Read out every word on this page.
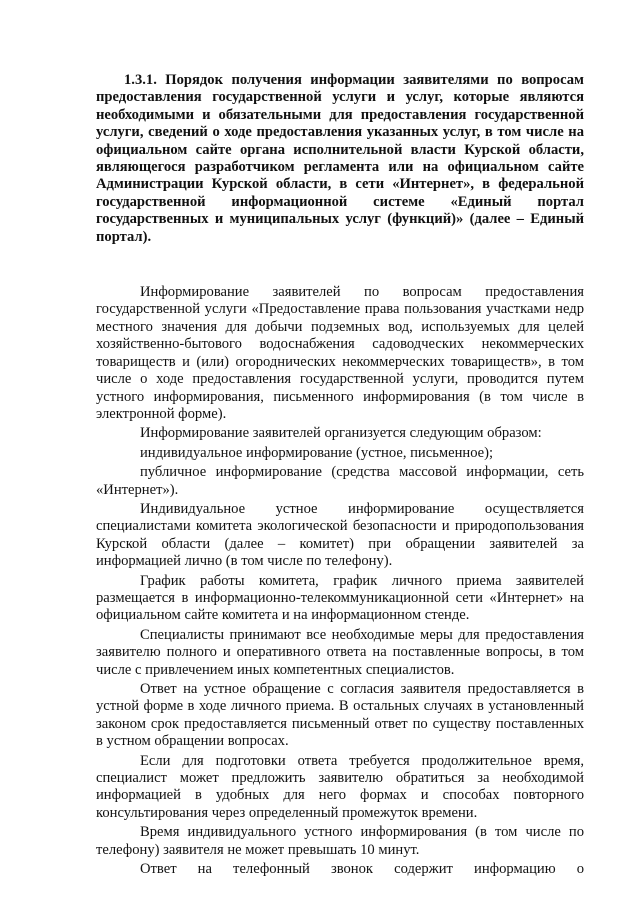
1.3.1. Порядок получения информации заявителями по вопросам предоставления государственной услуги и услуг, которые являются необходимыми и обязательными для предоставления государственной услуги, сведений о ходе предоставления указанных услуг, в том числе на официальном сайте органа исполнительной власти Курской области, являющегося разработчиком регламента или на официальном сайте Администрации Курской области, в сети «Интернет», в федеральной государственной информационной системе «Единый портал государственных и муниципальных услуг (функций)» (далее – Единый портал).

Информирование заявителей по вопросам предоставления государственной услуги «Предоставление права пользования участками недр местного значения для добычи подземных вод, используемых для целей хозяйственно-бытового водоснабжения садоводческих некоммерческих товариществ и (или) огороднических некоммерческих товариществ», в том числе о ходе предоставления государственной услуги, проводится путем устного информирования, письменного информирования (в том числе в электронной форме).

Информирование заявителей организуется следующим образом:

индивидуальное информирование (устное, письменное);

публичное информирование (средства массовой информации, сеть «Интернет»).

Индивидуальное устное информирование осуществляется специалистами комитета экологической безопасности и природопользования Курской области (далее – комитет) при обращении заявителей за информацией лично (в том числе по телефону).

График работы комитета, график личного приема заявителей размещается в информационно-телекоммуникационной сети «Интернет» на официальном сайте комитета и на информационном стенде.

Специалисты принимают все необходимые меры для предоставления заявителю полного и оперативного ответа на поставленные вопросы, в том числе с привлечением иных компетентных специалистов.

Ответ на устное обращение с согласия заявителя предоставляется в устной форме в ходе личного приема. В остальных случаях в установленный законом срок предоставляется письменный ответ по существу поставленных в устном обращении вопросах.

Если для подготовки ответа требуется продолжительное время, специалист может предложить заявителю обратиться за необходимой информацией в удобных для него формах и способах повторного консультирования через определенный промежуток времени.

Время индивидуального устного информирования (в том числе по телефону) заявителя не может превышать 10 минут.

Ответ на телефонный звонок содержит информацию о
